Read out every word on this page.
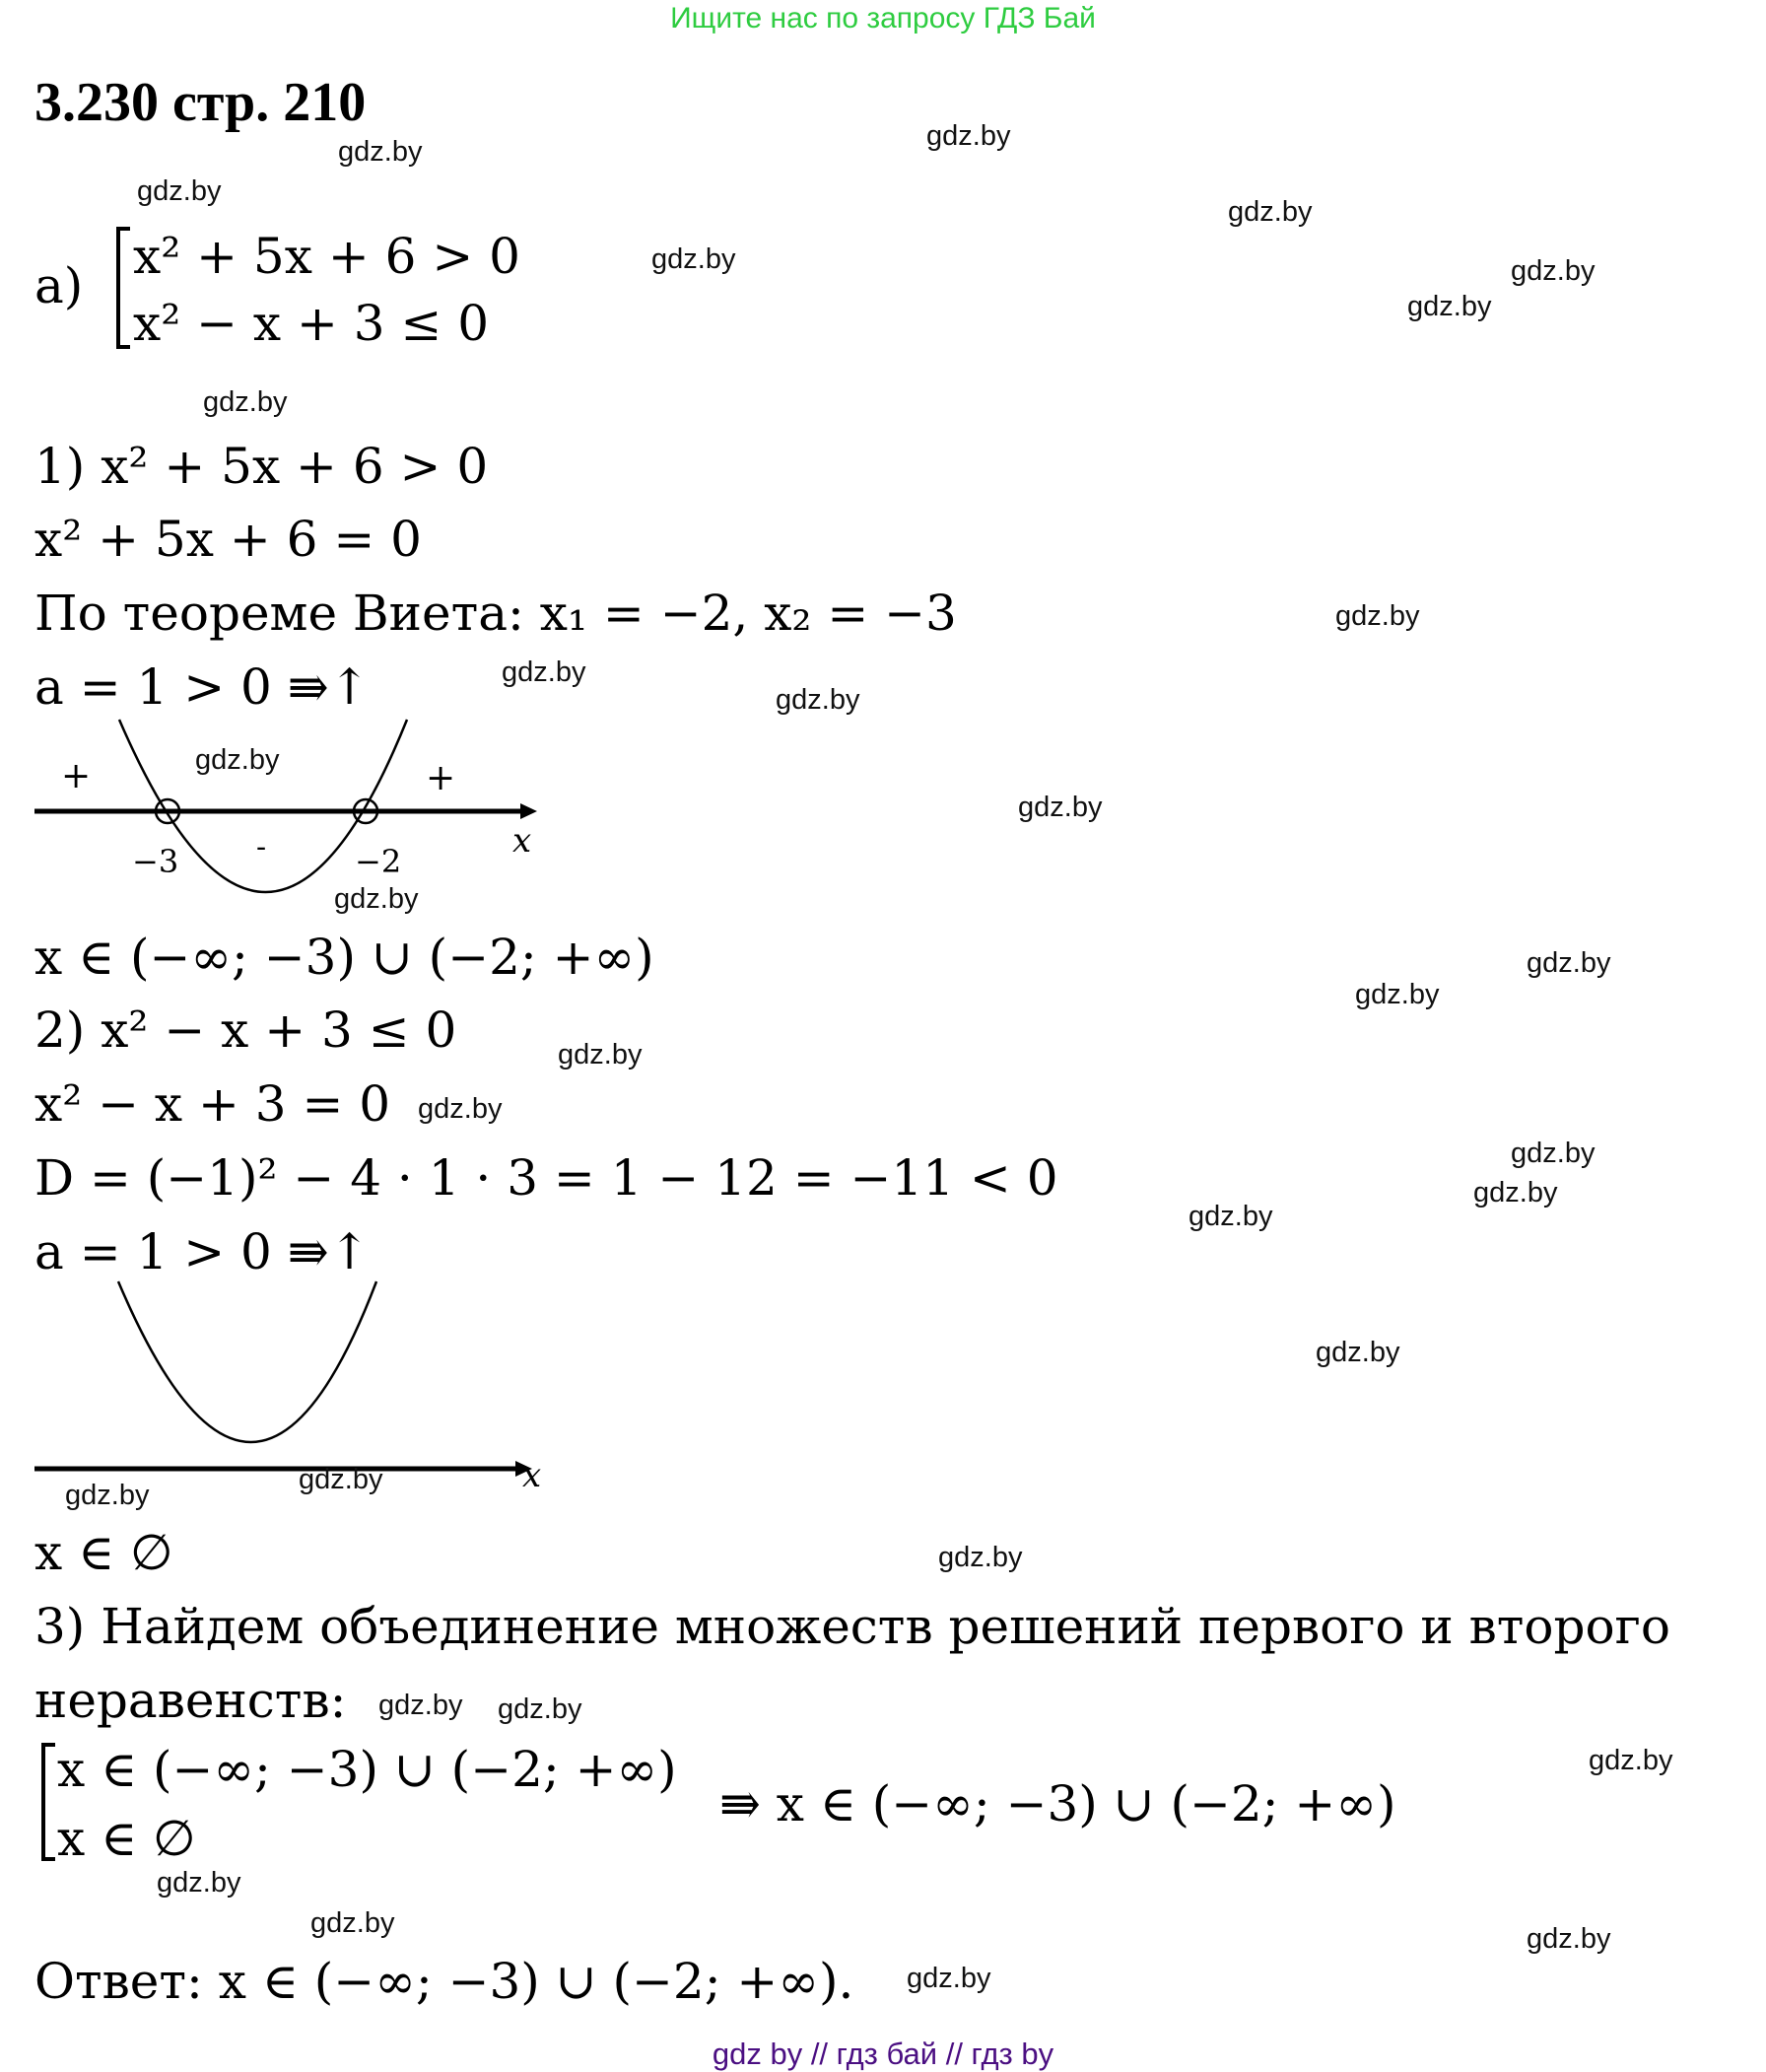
Ищите нас по запросу ГДЗ Бай
3.230 стр. 210
а)
x² + 5x + 6 > 0
x² − x + 3 ≤ 0
1) x² + 5x + 6 > 0
x² + 5x + 6 = 0
По теореме Виета: x₁ = −2, x₂ = −3
a = 1 > 0 ⇛↑
+	+
-
−3	−2
x
x ∈ (−∞; −3) ∪ (−2; +∞)
2) x² − x + 3 ≤ 0
x² − x + 3 = 0
D = (−1)² − 4 · 1 · 3 = 1 − 12 = −11 < 0
a = 1 > 0 ⇛↑
x
x ∈ ∅
3) Найдем объединение множеств решений первого и второго
неравенств:
x ∈ (−∞; −3) ∪ (−2; +∞)
x ∈ ∅
⇛ x ∈ (−∞; −3) ∪ (−2; +∞)
Ответ: x ∈ (−∞; −3) ∪ (−2; +∞).
gdz.by	gdz.by
gdz.by
gdz.by
gdz.by	gdz.by
gdz.by
gdz.by
gdz.by
gdz.by
gdz.by
gdz.by
gdz.by
gdz.by
gdz.by
gdz.by
gdz.by
gdz.by
gdz.by
gdz.by
gdz.by
gdz.by
gdz.by	gdz.by
gdz.by
gdz.by gdz.by
gdz.by
gdz.by
gdz.by	gdz.by
gdz.by
gdz by // гдз бай // гдз by
